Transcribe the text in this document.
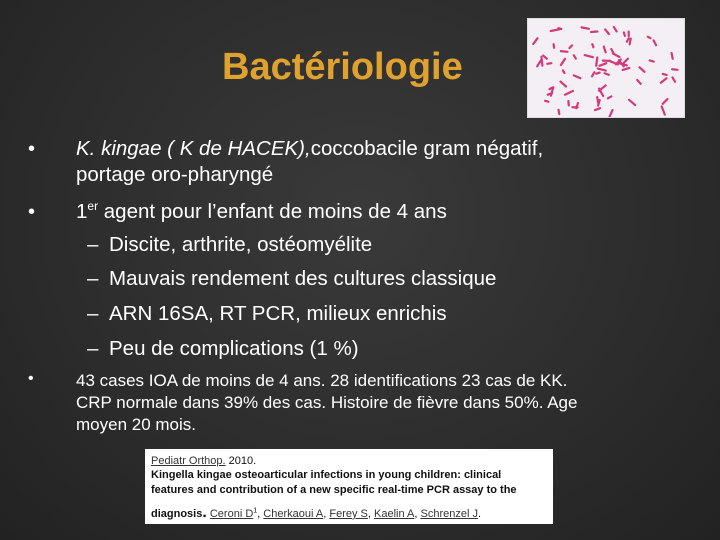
Bactériologie
• K. kingae ( K de HACEK),coccobacile gram négatif,
portage oro-pharyngé
• 1er agent pour l’enfant de moins de 4 ans
– Discite, arthrite, ostéomyélite
– Mauvais rendement des cultures classique
– ARN 16SA, RT PCR, milieux enrichis
– Peu de complications (1 %)
• 43 cases IOA de moins de 4 ans. 28 identifications 23 cas de KK.
CRP normale dans 39% des cas. Histoire de fièvre dans 50%. Age
moyen 20 mois.
Pediatr Orthop. 2010.
Kingella kingae osteoarticular infections in young children: clinical
features and contribution of a new specific real-time PCR assay to the
diagnosis. Ceroni $D^1$, Cherkaoui A, Ferey S, Kaelin A, Schrenzel J.
